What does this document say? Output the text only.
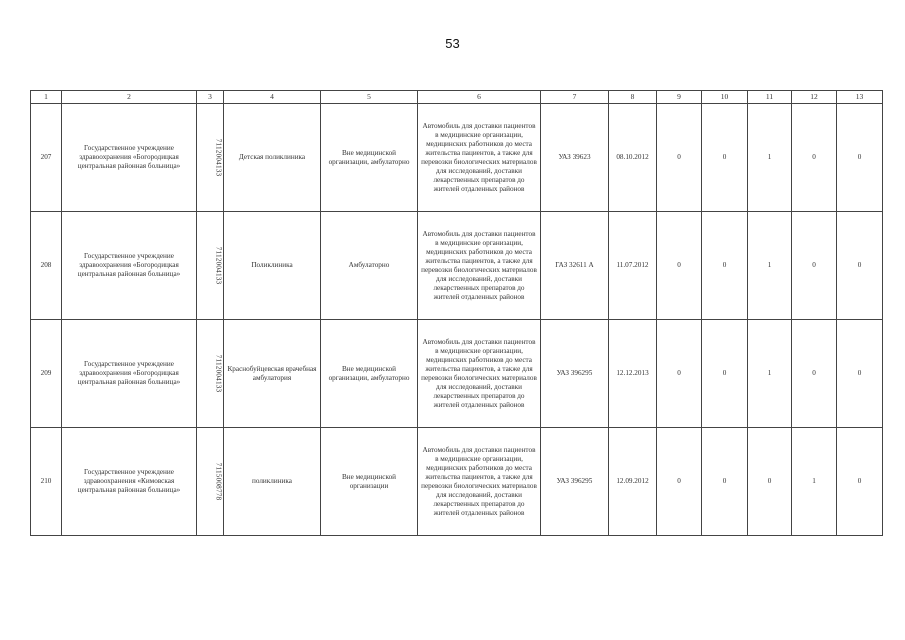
53
1	2	3	4	5	6	7	8	9	10	11	12	13
207	Государственное учреждение здравоохранения «Богородицкая центральная районная больница»	7112004133	Детская поликлиника	Вне медицинской организации, амбулаторно	Автомобиль для доставки пациентов в медицинские организации, медицинских работников до места жительства пациентов, а также для перевозки биологических материалов для исследований, доставки лекарственных препаратов до жителей отдаленных районов	УАЗ 39623	08.10.2012	0	0	1	0	0
208	Государственное учреждение здравоохранения «Богородицкая центральная районная больница»	7112004133	Поликлиника	Амбулаторно	Автомобиль для доставки пациентов в медицинские организации, медицинских работников до места жительства пациентов, а также для перевозки биологических материалов для исследований, доставки лекарственных препаратов до жителей отдаленных районов	ГАЗ 32611 А	11.07.2012	0	0	1	0	0
209	Государственное учреждение здравоохранения «Богородицкая центральная районная больница»	7112004133	Краснобуйцевская врачебная амбулатория	Вне медицинской организации, амбулаторно	Автомобиль для доставки пациентов в медицинские организации, медицинских работников до места жительства пациентов, а также для перевозки биологических материалов для исследований, доставки лекарственных препаратов до жителей отдаленных районов	УАЗ 396295	12.12.2013	0	0	1	0	0
210	Государственное учреждение здравоохранения «Кимовская центральная районная больница»	7115008778	поликлиника	Вне медицинской организации	Автомобиль для доставки пациентов в медицинские организации, медицинских работников до места жительства пациентов, а также для перевозки биологических материалов для исследований, доставки лекарственных препаратов до жителей отдаленных районов	УАЗ 396295	12.09.2012	0	0	0	1	0
